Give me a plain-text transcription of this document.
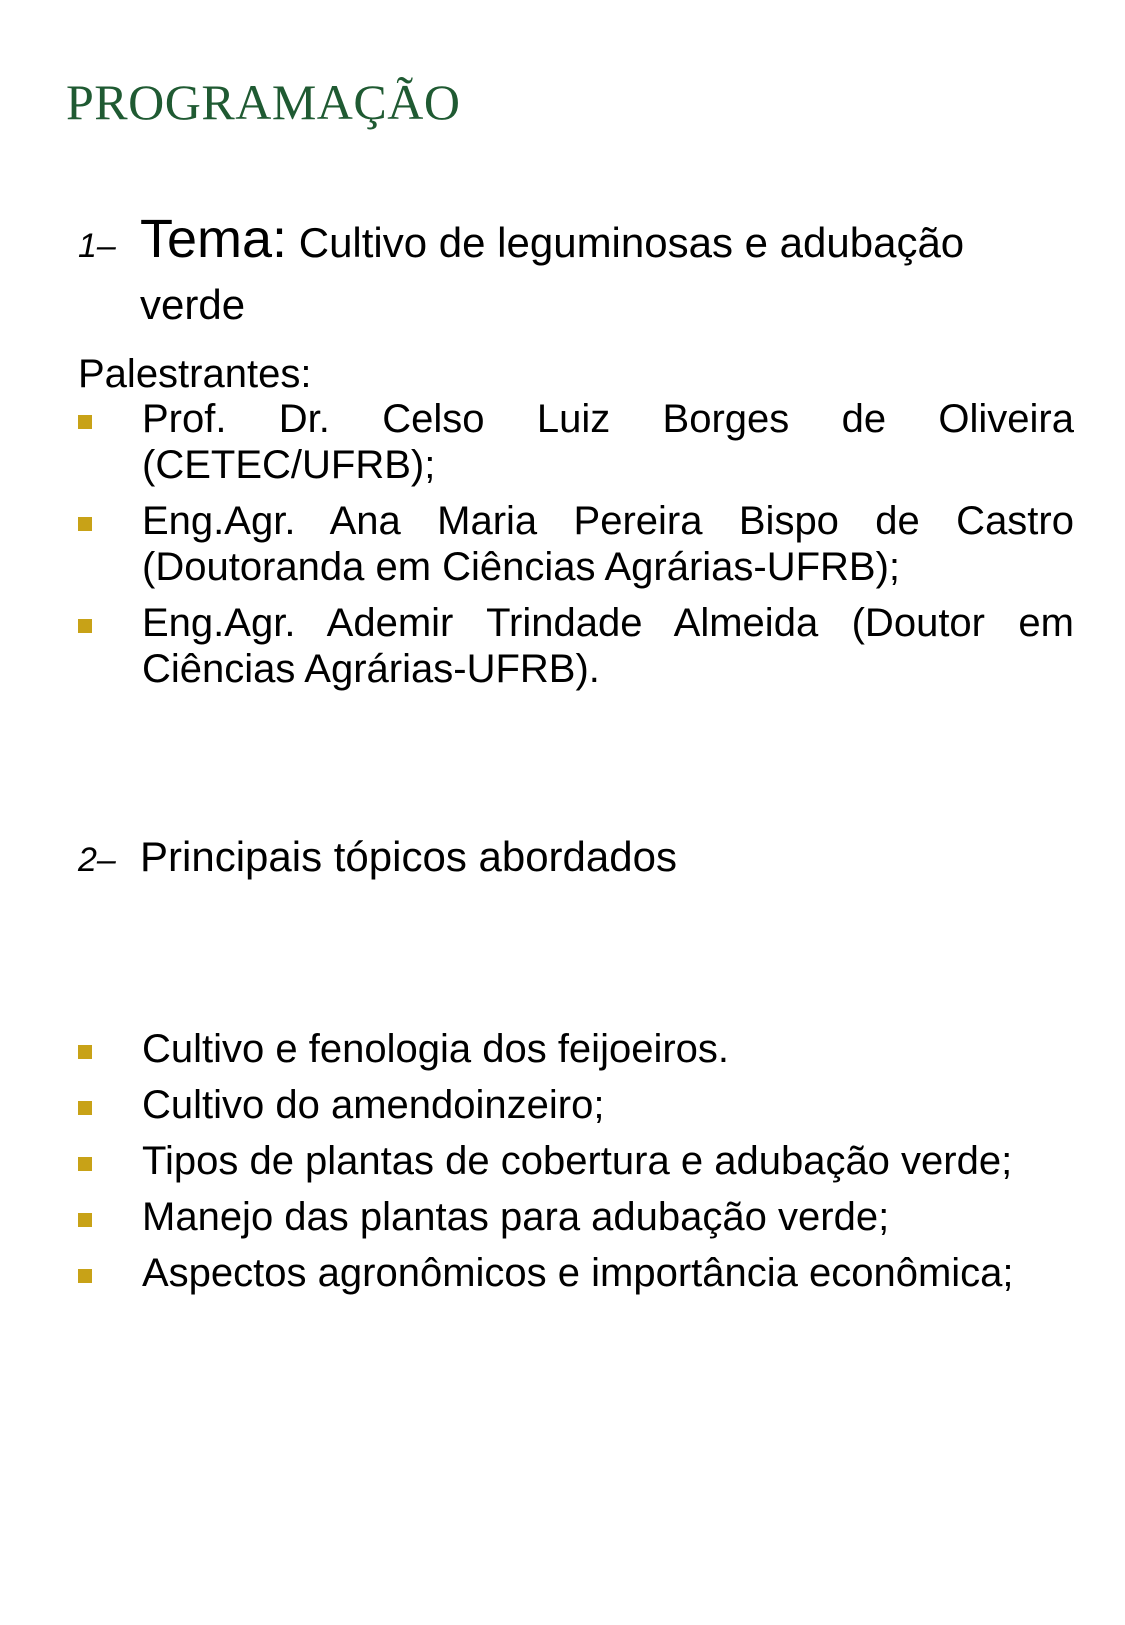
PROGRAMAÇÃO
1– Tema: Cultivo de leguminosas e adubação verde
Palestrantes:
Prof. Dr. Celso Luiz Borges de Oliveira (CETEC/UFRB);
Eng.Agr. Ana Maria Pereira Bispo de Castro (Doutoranda em Ciências Agrárias-UFRB);
Eng.Agr. Ademir Trindade Almeida (Doutor em Ciências Agrárias-UFRB).
2– Principais tópicos abordados
Cultivo e fenologia dos feijoeiros.
Cultivo do amendoinzeiro;
Tipos de plantas de cobertura e adubação verde;
Manejo das plantas para adubação verde;
Aspectos agronômicos e importância econômica;
